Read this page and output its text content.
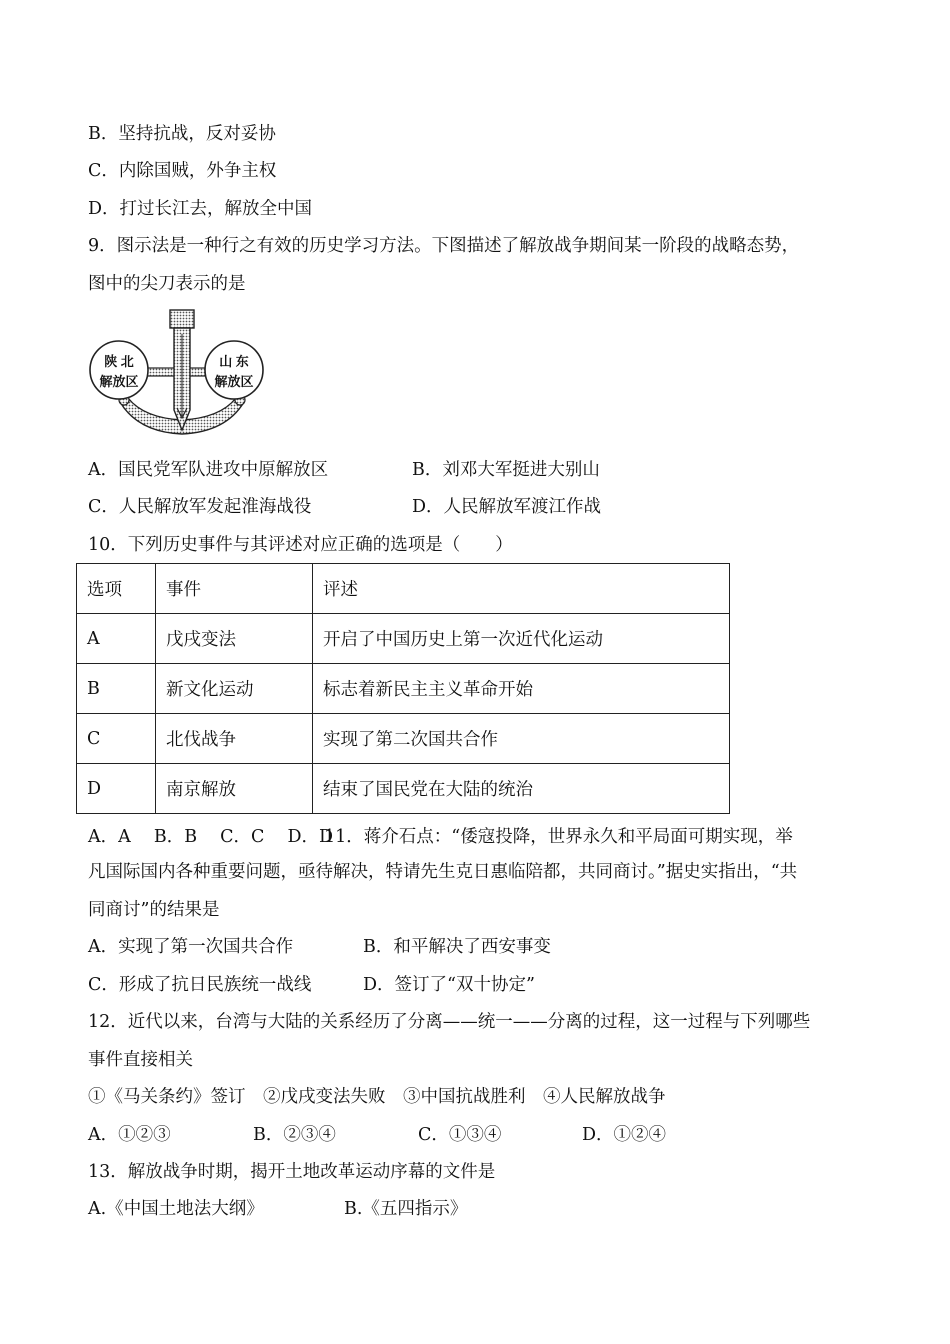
B．坚持抗战，反对妥协
C．内除国贼，外争主权
D．打过长江去，解放全中国
9．图示法是一种行之有效的历史学习方法。下图描述了解放战争期间某一阶段的战略态势，
图中的尖刀表示的是
陕 北
解放区
山 东
解放区
A．国民党军队进攻中原解放区	B．刘邓大军挺进大别山
C．人民解放军发起淮海战役	D．人民解放军渡江作战
10．下列历史事件与其评述对应正确的选项是（　　）
选项	事件	评述
A	戊戌变法	开启了中国历史上第一次近代化运动
B	新文化运动	标志着新民主主义革命开始
C	北伐战争	实现了第二次国共合作
D	南京解放	结束了国民党在大陆的统治
A．A　 B．B　 C．C　 D．D
11．蒋介石点：“倭寇投降，世界永久和平局面可期实现，举
凡国际国内各种重要问题，亟待解决，特请先生克日惠临陪都，共同商讨。”据史实指出，“共
同商讨”的结果是
A．实现了第一次国共合作	B．和平解决了西安事变
C．形成了抗日民族统一战线	D．签订了“双十协定”
12．近代以来，台湾与大陆的关系经历了分离——统一——分离的过程，这一过程与下列哪些
事件直接相关
①《马关条约》签订　②戊戌变法失败　③中国抗战胜利　④人民解放战争
A．①②③	B．②③④	C．①③④	D．①②④
13．解放战争时期，揭开土地改革运动序幕的文件是
A.《中国土地法大纲》	B.《五四指示》
